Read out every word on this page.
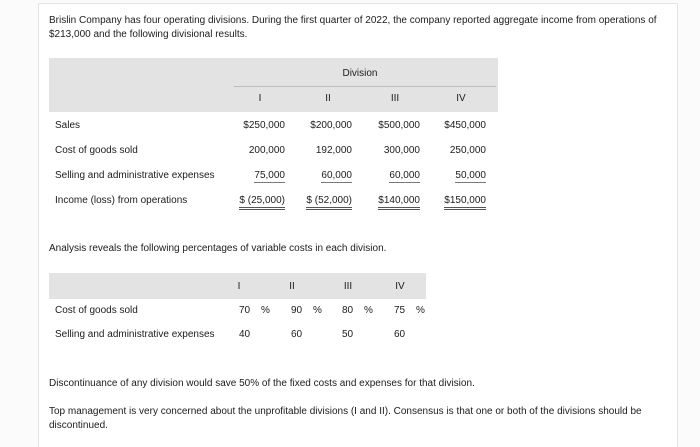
Brislin Company has four operating divisions. During the first quarter of 2022, the company reported aggregate income from operations of $213,000 and the following divisional results.
Division
I	II	III	IV
Sales	$250,000	$200,000	$500,000 $450,000
Cost of goods sold	200,000	192,000	300,000	250,000
Selling and administrative expenses	75,000	60,000	60,000	50,000
Income (loss) from operations	$ (25,000) $ (52,000)	$140,000 $150,000
Analysis reveals the following percentages of variable costs in each division.
I	II	III	IV
Cost of goods sold	70 % 90 % 80 % 75 %
Selling and administrative expenses 40	60	50	60
Discontinuance of any division would save 50% of the fixed costs and expenses for that division.
Top management is very concerned about the unprofitable divisions (I and II). Consensus is that one or both of the divisions should be discontinued.
